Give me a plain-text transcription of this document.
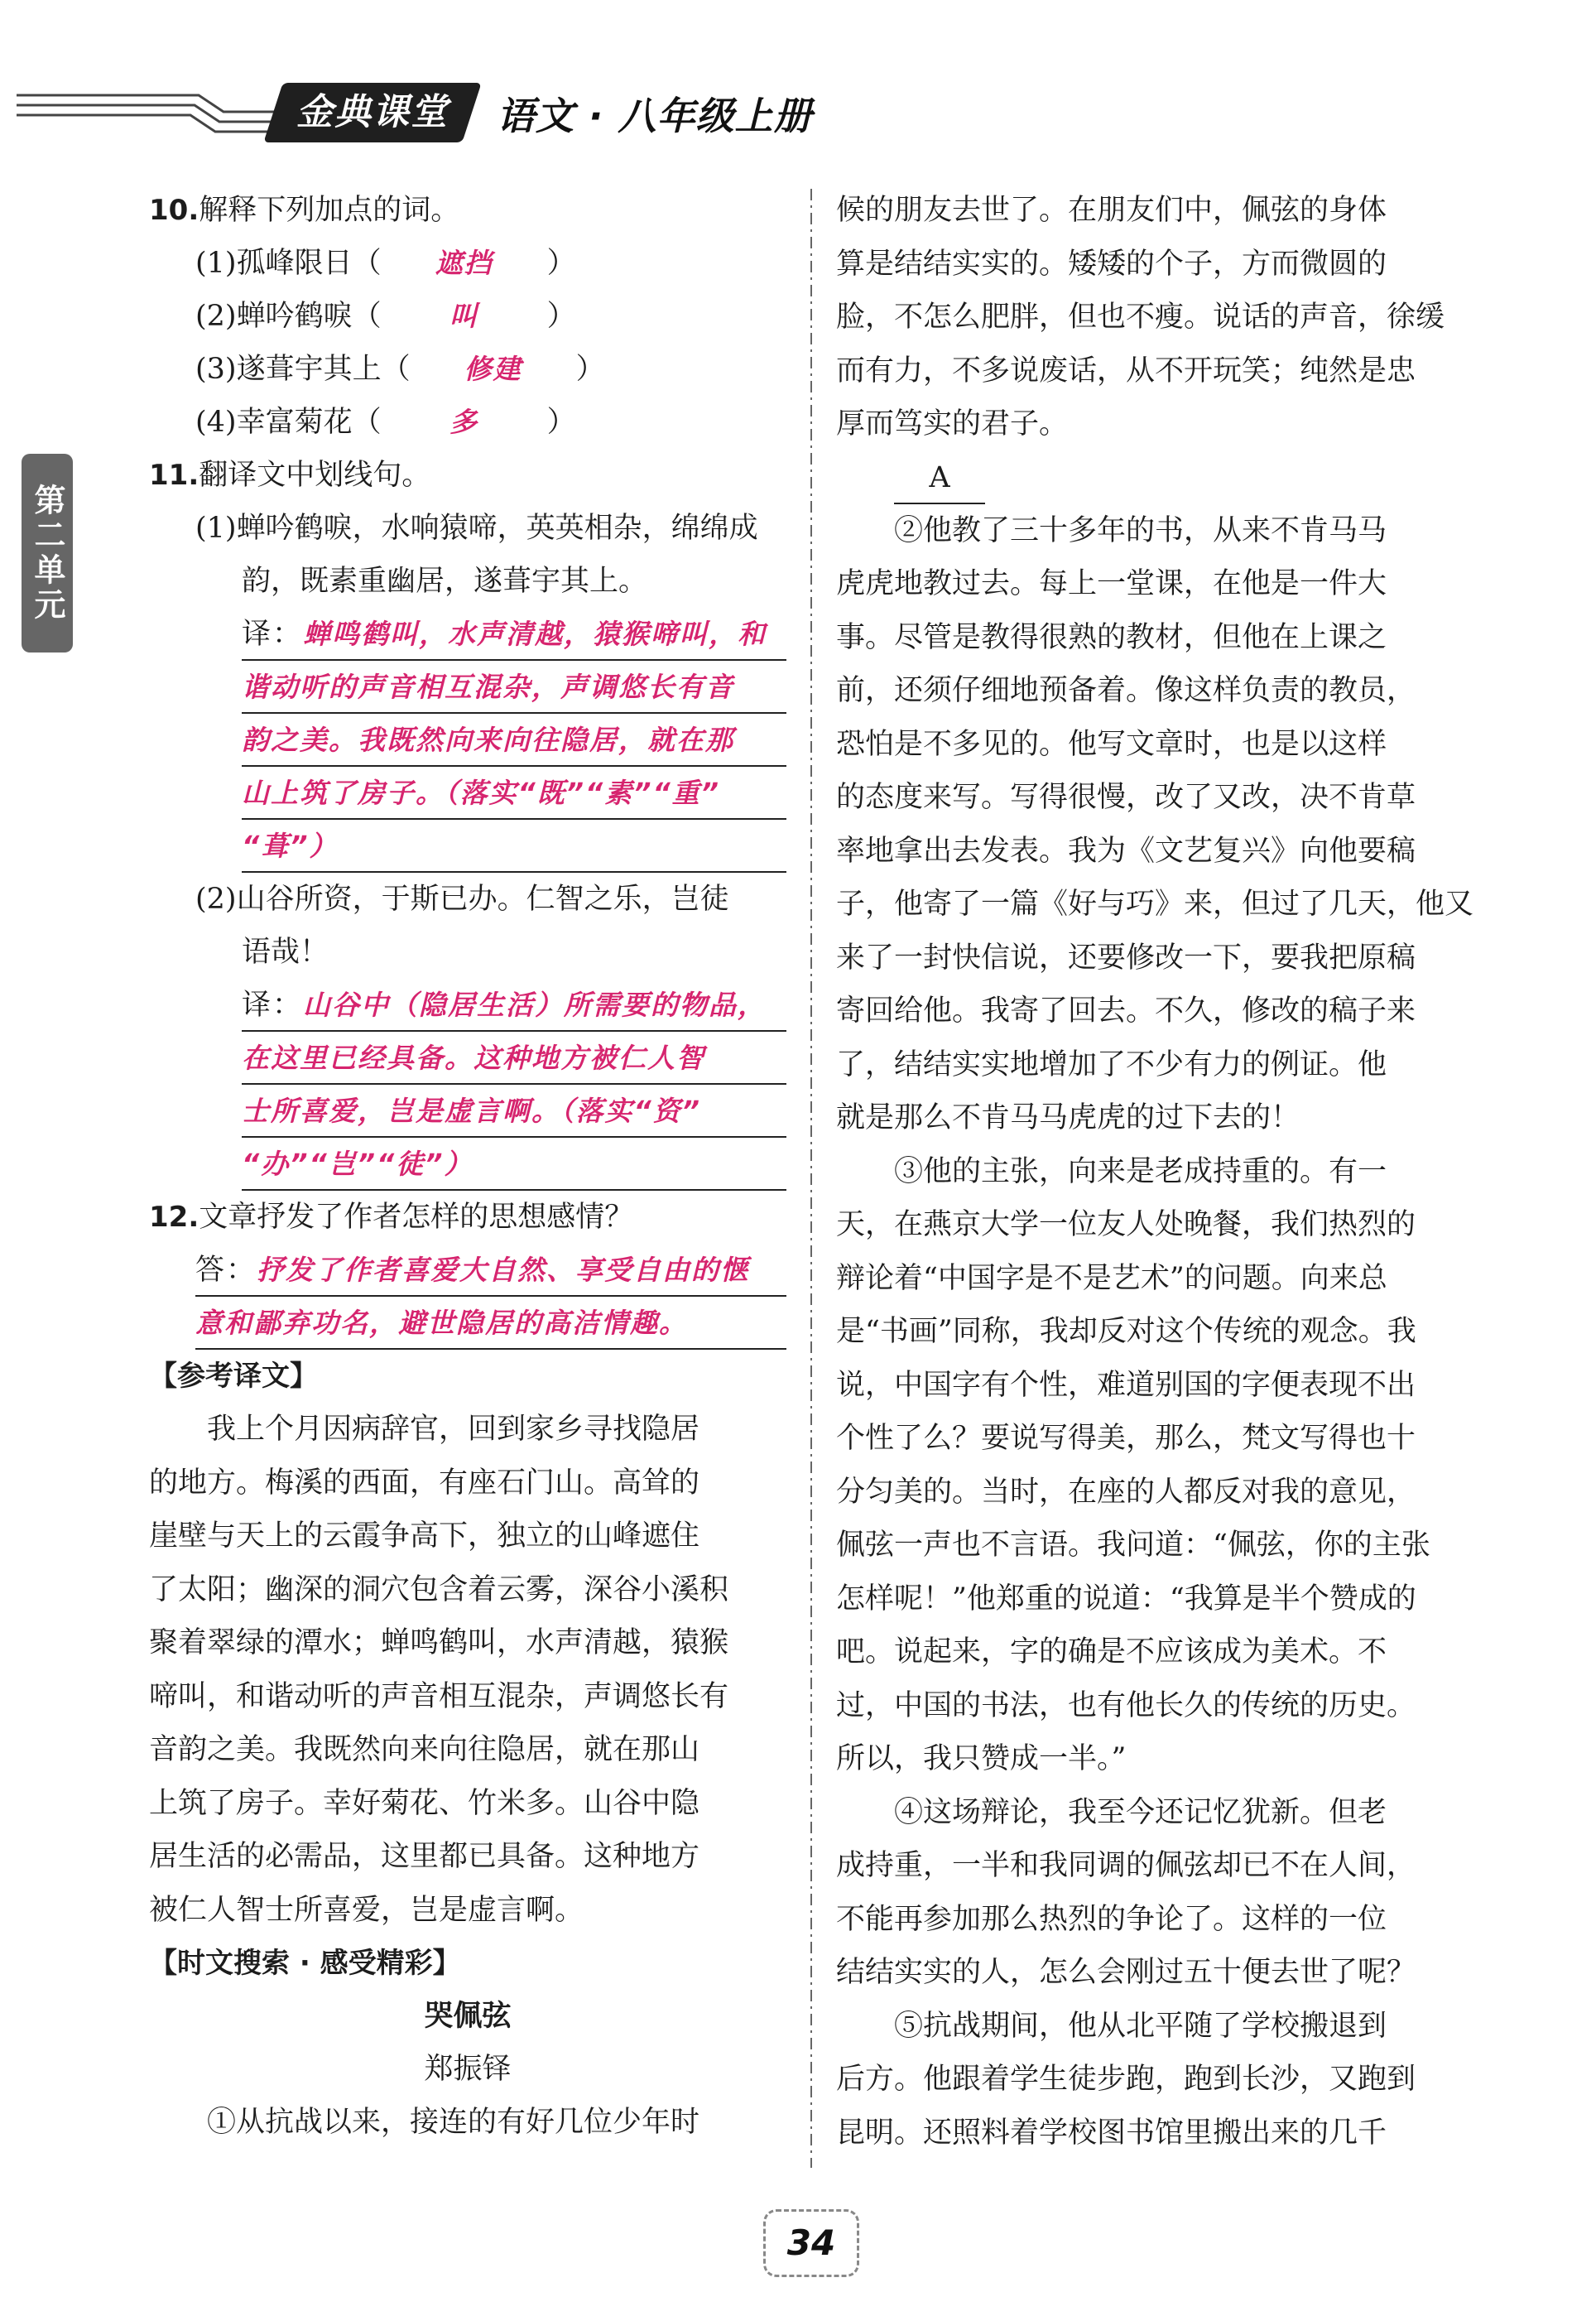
金典课堂	语文 · 八年级上册
第二单元
10.解释下列加点的词。
(1)孤峰限日（ 遮挡 ）
(2)蝉吟鹤唳（	叫 ）
(3)遂葺宇其上（ 修建 ）
(4)幸富菊花（	多 ）
11.翻译文中划线句。
(1)蝉吟鹤唳，水响猿啼，英英相杂，绵绵成
韵，既素重幽居，遂葺宇其上。
译：蝉鸣鹤叫，水声清越，猿猴啼叫，和
谐动听的声音相互混杂，声调悠长有音
韵之美。我既然向来向往隐居，就在那
山上筑了房子。（落实“既”“素”“重”
“葺”）
(2)山谷所资，于斯已办。仁智之乐，岂徒
语哉！
译：山谷中（隐居生活）所需要的物品，
在这里已经具备。这种地方被仁人智
士所喜爱，岂是虚言啊。（落实“资”
“办”“岂”“徒”）
12.文章抒发了作者怎样的思想感情？
答：抒发了作者喜爱大自然、享受自由的惬
意和鄙弃功名，避世隐居的高洁情趣。
【参考译文】
　　我上个月因病辞官，回到家乡寻找隐居
的地方。梅溪的西面，有座石门山。高耸的
崖壁与天上的云霞争高下，独立的山峰遮住
了太阳；幽深的洞穴包含着云雾，深谷小溪积
聚着翠绿的潭水；蝉鸣鹤叫，水声清越，猿猴
啼叫，和谐动听的声音相互混杂，声调悠长有
音韵之美。我既然向来向往隐居，就在那山
上筑了房子。幸好菊花、竹米多。山谷中隐
居生活的必需品，这里都已具备。这种地方
被仁人智士所喜爱，岂是虚言啊。
【时文搜索 · 感受精彩】
哭佩弦
郑振铎
　　①从抗战以来，接连的有好几位少年时
候的朋友去世了。在朋友们中，佩弦的身体
算是结结实实的。矮矮的个子，方而微圆的
脸，不怎么肥胖，但也不瘦。说话的声音，徐缓
而有力，不多说废话，从不开玩笑；纯然是忠
厚而笃实的君子。
A
　　②他教了三十多年的书，从来不肯马马
虎虎地教过去。每上一堂课，在他是一件大
事。尽管是教得很熟的教材，但他在上课之
前，还须仔细地预备着。像这样负责的教员，
恐怕是不多见的。他写文章时，也是以这样
的态度来写。写得很慢，改了又改，决不肯草
率地拿出去发表。我为《文艺复兴》向他要稿
子，他寄了一篇《好与巧》来，但过了几天，他又
来了一封快信说，还要修改一下，要我把原稿
寄回给他。我寄了回去。不久，修改的稿子来
了，结结实实地增加了不少有力的例证。他
就是那么不肯马马虎虎的过下去的！
　　③他的主张，向来是老成持重的。有一
天，在燕京大学一位友人处晚餐，我们热烈的
辩论着“中国字是不是艺术”的问题。向来总
是“书画”同称，我却反对这个传统的观念。我
说，中国字有个性，难道别国的字便表现不出
个性了么？要说写得美，那么，梵文写得也十
分匀美的。当时，在座的人都反对我的意见，
佩弦一声也不言语。我问道：“佩弦，你的主张
怎样呢！”他郑重的说道：“我算是半个赞成的
吧。说起来，字的确是不应该成为美术。不
过，中国的书法，也有他长久的传统的历史。
所以，我只赞成一半。”
　　④这场辩论，我至今还记忆犹新。但老
成持重，一半和我同调的佩弦却已不在人间，
不能再参加那么热烈的争论了。这样的一位
结结实实的人，怎么会刚过五十便去世了呢？
　　⑤抗战期间，他从北平随了学校搬退到
后方。他跟着学生徒步跑，跑到长沙，又跑到
昆明。还照料着学校图书馆里搬出来的几千
34
